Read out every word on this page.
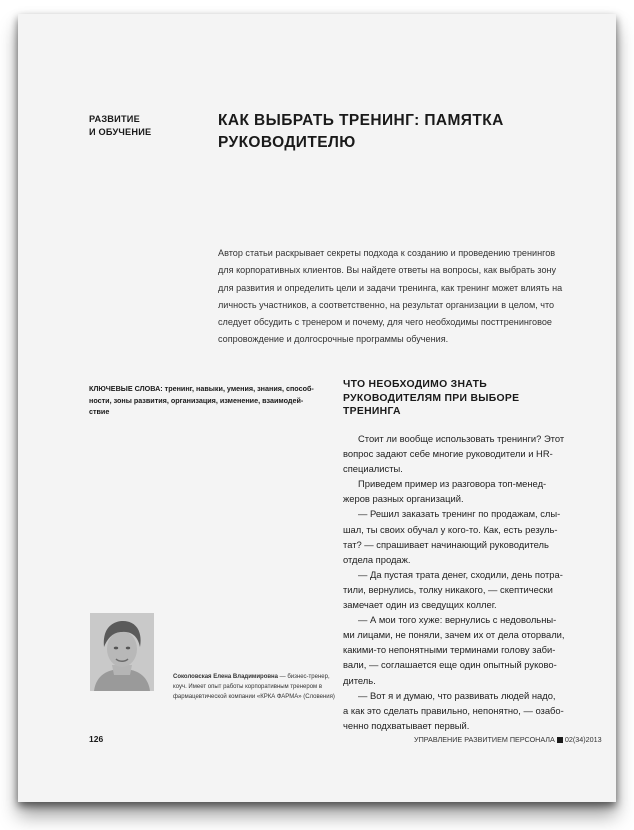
РАЗВИТИЕ
И ОБУЧЕНИЕ
КАК ВЫБРАТЬ ТРЕНИНГ: ПАМЯТКА
РУКОВОДИТЕЛЮ
Автор статьи раскрывает секреты подхода к созданию и проведению тренингов
для корпоративных клиентов. Вы найдете ответы на вопросы, как выбрать зону
для развития и определить цели и задачи тренинга, как тренинг может влиять на
личность участников, а соответственно, на результат организации в целом, что
следует обсудить с тренером и почему, для чего необходимы посттренинговое
сопровождение и долгосрочные программы обучения.
КЛЮЧЕВЫЕ СЛОВА: тренинг, навыки, умения, знания, способ-
ности, зоны развития, организация, изменение, взаимодей-
ствие
ЧТО НЕОБХОДИМО ЗНАТЬ
РУКОВОДИТЕЛЯМ ПРИ ВЫБОРЕ
ТРЕНИНГА
Стоит ли вообще использовать тренинги? Этот
вопрос задают себе многие руководители и HR-
специалисты.
Приведем пример из разговора топ-менед-
жеров разных организаций.
— Решил заказать тренинг по продажам, слы-
шал, ты своих обучал у кого-то. Как, есть резуль-
тат? — спрашивает начинающий руководитель
отдела продаж.
— Да пустая трата денег, сходили, день потра-
тили, вернулись, толку никакого, — скептически
замечает один из сведущих коллег.
— А мои того хуже: вернулись с недовольны-
ми лицами, не поняли, зачем их от дела оторвали,
какими-то непонятными терминами голову заби-
вали, — соглашается еще один опытный руково-
дитель.
— Вот я и думаю, что развивать людей надо,
а как это сделать правильно, непонятно, — озабо-
ченно подхватывает первый.
Соколовская Елена Владимировна — бизнес-тренер,
коуч. Имеет опыт работы корпоративным тренером в
фармацевтической компании «КРКА ФАРМА» (Словения)
126	УПРАВЛЕНИЕ РАЗВИТИЕМ ПЕРСОНАЛА 02(34)2013
